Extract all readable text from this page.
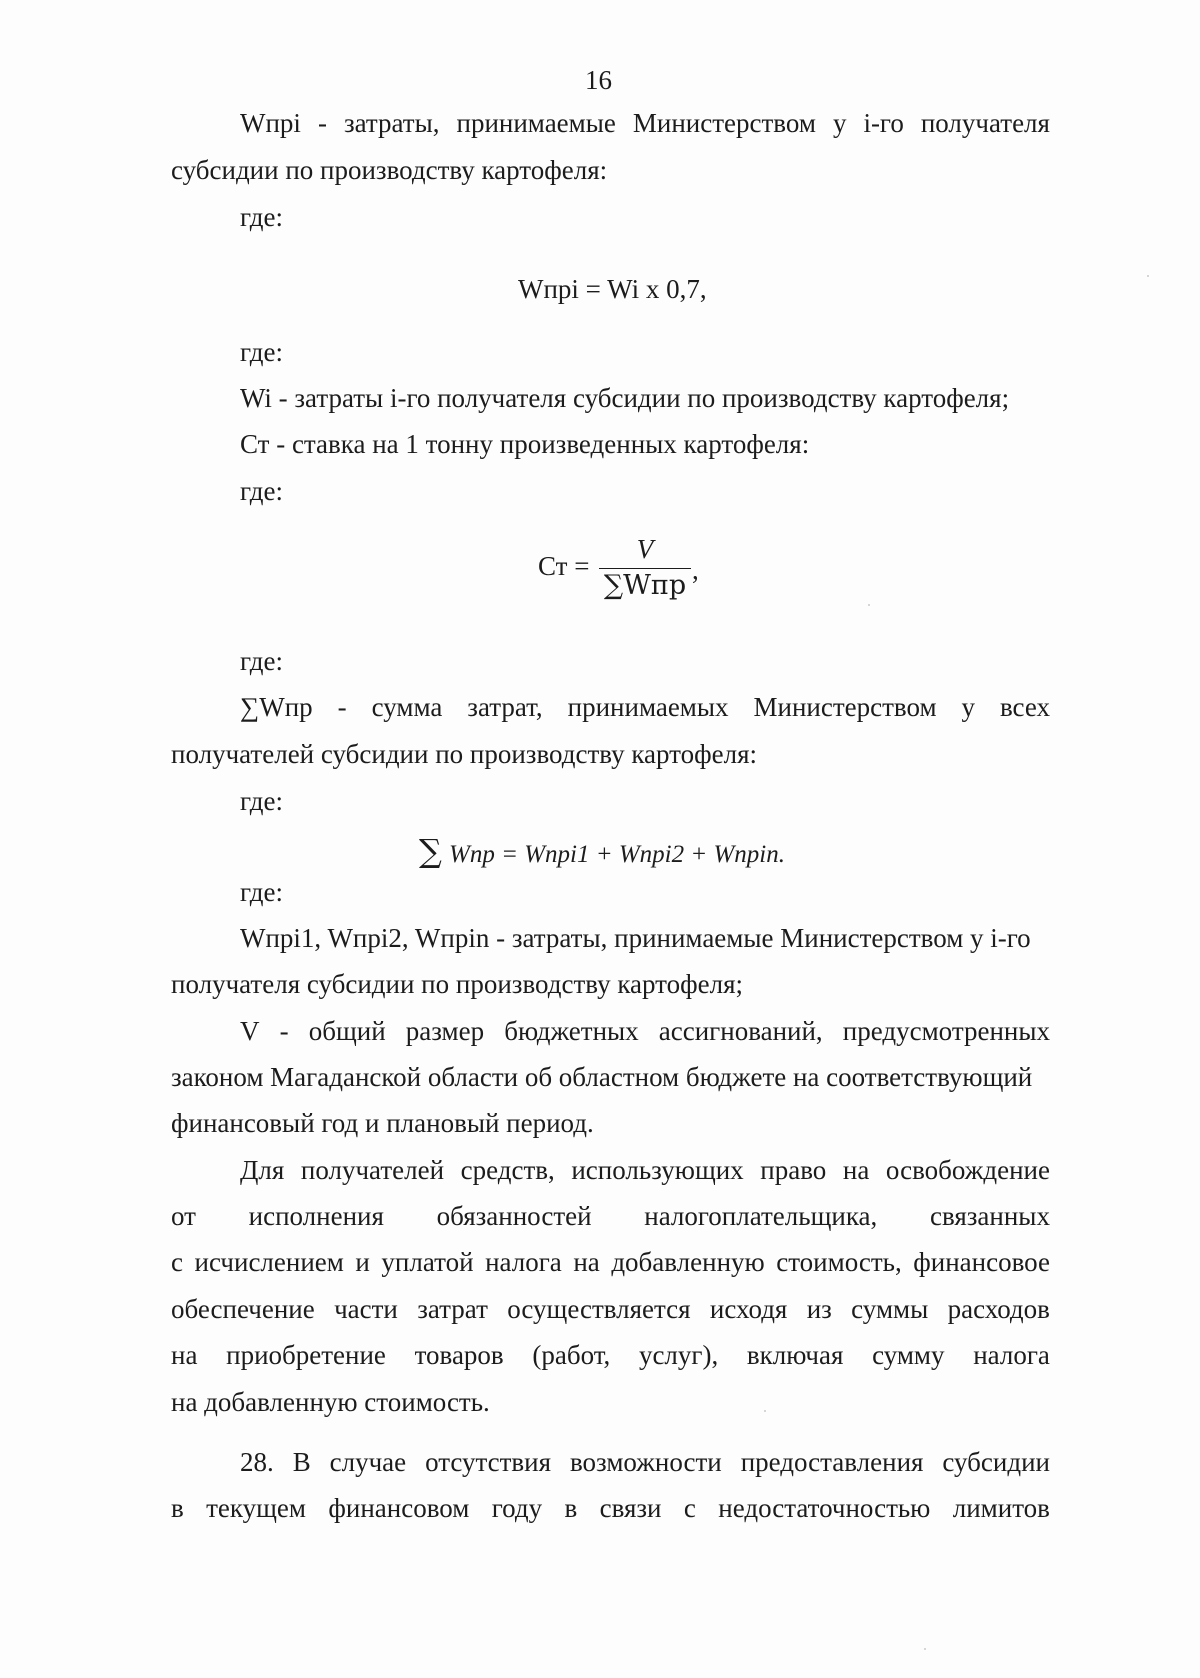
16
Wпрi - затраты, принимаемые Министерством у i-го получателя
субсидии по производству картофеля:
где:
Wпрi = Wi x 0,7,
где:
Wi - затраты i-го получателя субсидии по производству картофеля;
Ст - ставка на 1 тонну произведенных картофеля:
где:
Ст =
V
∑Wпр ,
где:
∑Wпр - сумма затрат, принимаемых Министерством у всех
получателей субсидии по производству картофеля:
где:
∑ Wnp = Wnpi1 + Wnpi2 + Wnpin.
где:
Wпрi1, Wпрi2, Wпрin - затраты, принимаемые Министерством у i-го
получателя субсидии по производству картофеля;
V - общий размер бюджетных ассигнований, предусмотренных
законом Магаданской области об областном бюджете на соответствующий
финансовый год и плановый период.
Для получателей средств, использующих право на освобождение
от исполнения обязанностей налогоплательщика, связанных
с исчислением и уплатой налога на добавленную стоимость, финансовое
обеспечение части затрат осуществляется исходя из суммы расходов
на приобретение товаров (работ, услуг), включая сумму налога
на добавленную стоимость.
28. В случае отсутствия возможности предоставления субсидии
в текущем финансовом году в связи с недостаточностью лимитов
